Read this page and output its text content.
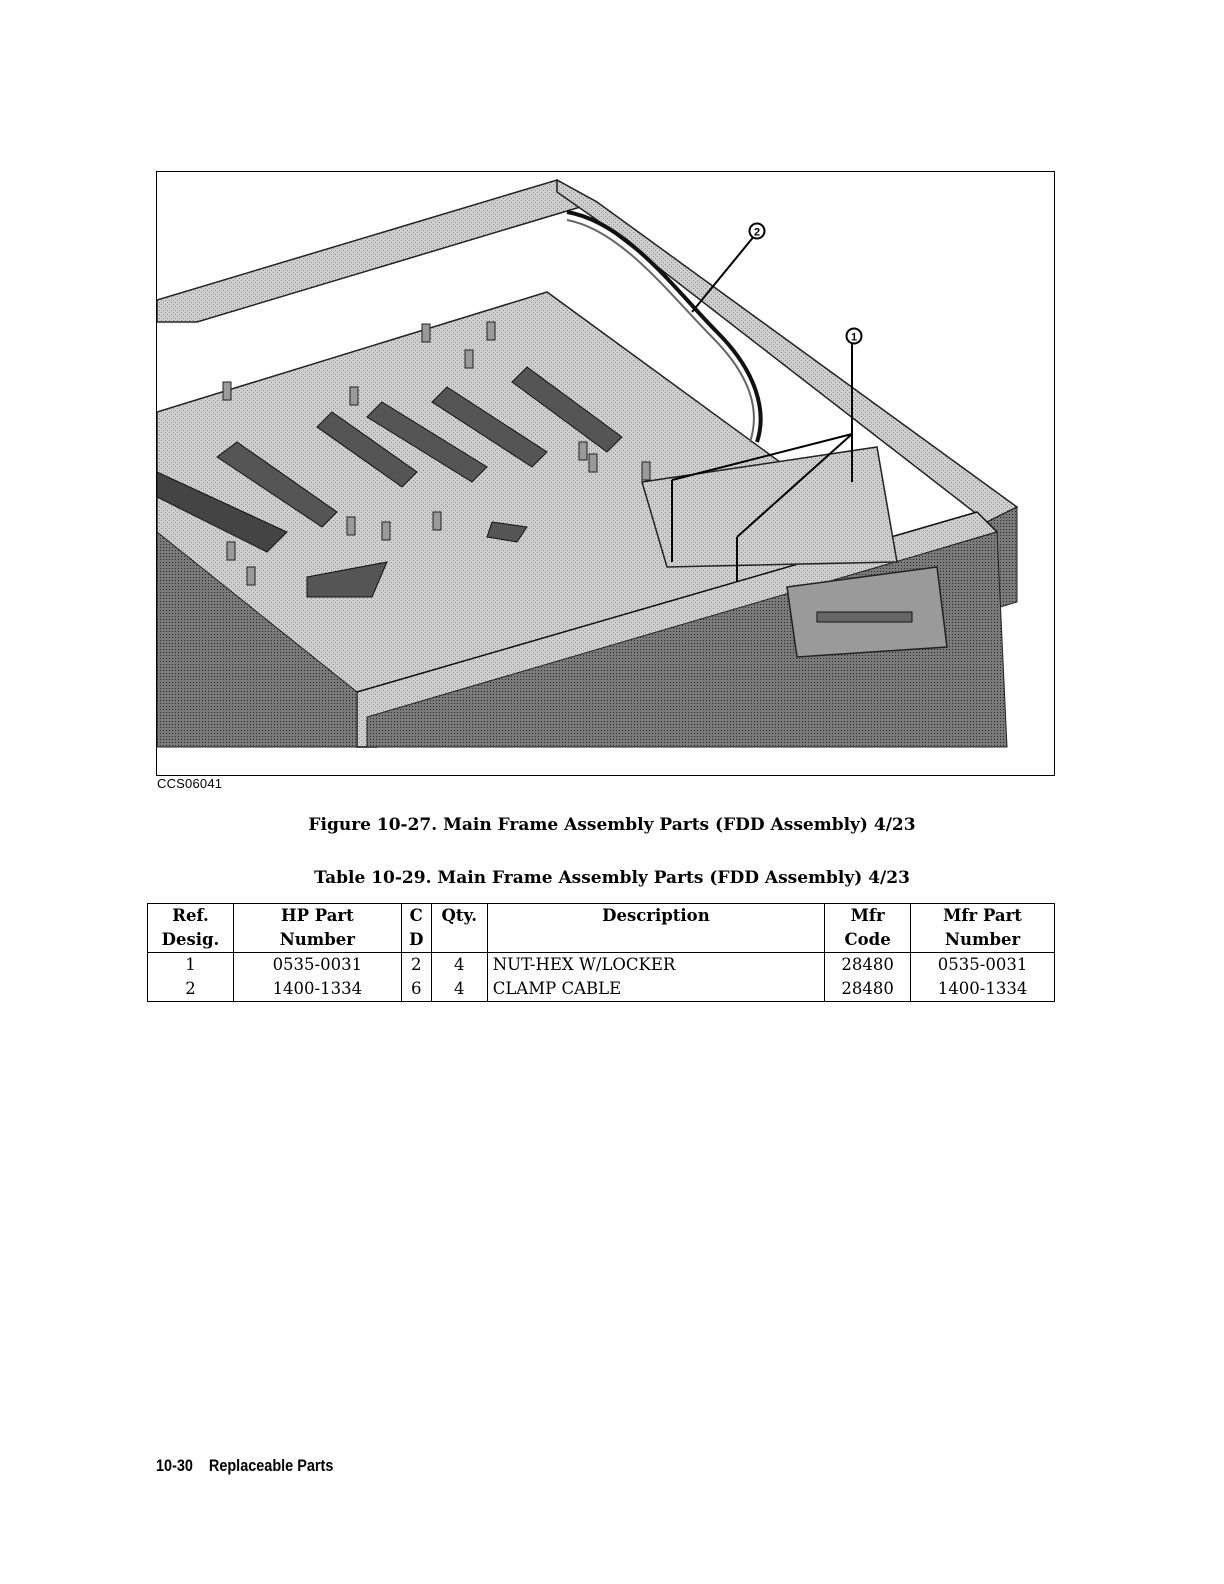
2
1
CCS06041
Figure 10-27. Main Frame Assembly Parts (FDD Assembly) 4/23
Table 10-29. Main Frame Assembly Parts (FDD Assembly) 4/23
Ref.	HP Part	C	Qty.	Description	Mfr	Mfr Part
Desig.	Number	D			Code	Number
1	0535-0031	2	4	NUT-HEX W/LOCKER	28480	0535-0031
2	1400-1334	6	4	CLAMP CABLE	28480	1400-1334
10-30 Replaceable Parts
